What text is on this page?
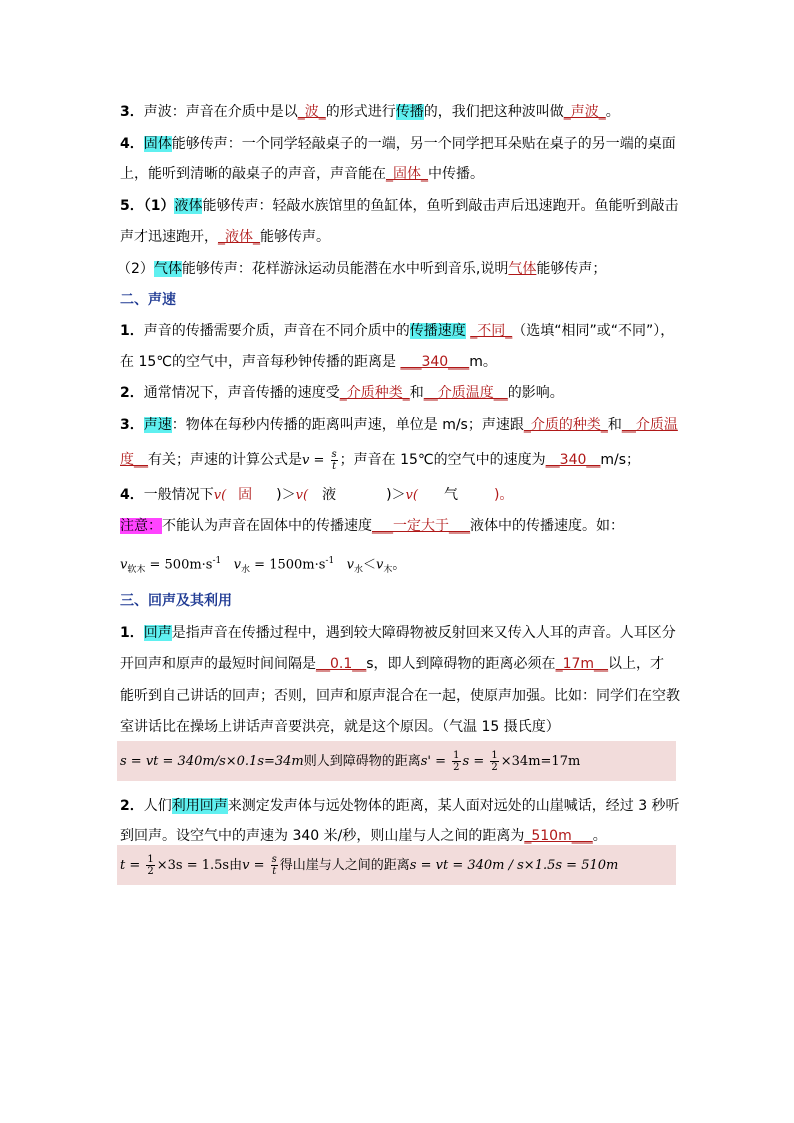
3．声波：声音在介质中是以_波_的形式进行传播的，我们把这种波叫做_声波_。
4．固体能够传声：一个同学轻敲桌子的一端，另一个同学把耳朵贴在桌子的另一端的桌面
上，能听到清晰的敲桌子的声音，声音能在_固体_中传播。
5．（1）液体能够传声：轻敲水族馆里的鱼缸体，鱼听到敲击声后迅速跑开。鱼能听到敲击
声才迅速跑开，_液体_能够传声。
（2）气体能够传声：花样游泳运动员能潜在水中听到音乐,说明气体能够传声；
二、声速
1．声音的传播需要介质，声音在不同介质中的传播速度 _不同_（选填“相同”或“不同”），
在 15℃的空气中，声音每秒钟传播的距离是 ___340___m。
2．通常情况下，声音传播的速度受_介质种类_和__介质温度__的影响。
3．声速：物体在每秒内传播的距离叫声速，单位是 m/s；声速跟_介质的种类_和__介质温
度__有关；声速的计算公式是$v = \frac{s}{t}$ ；声音在 15℃的空气中的速度为__340__m/s；
4．一般情况下v( 固 )＞v( 液	)＞v( 气	)。
注意：不能认为声音在固体中的传播速度___一定大于___液体中的传播速度。如：
$v_{软木} = 500m\cdot s^{-1}$ $v_水 = 1500m\cdot s^{-1}$ $v_水<v_木$。
三、回声及其利用
1．回声是指声音在传播过程中，遇到较大障碍物被反射回来又传入人耳的声音。人耳区分
开回声和原声的最短时间间隔是__0.1__s，即人到障碍物的距离必须在_17m__以上，才
能听到自己讲话的回声；否则，回声和原声混合在一起，使原声加强。比如：同学们在空教
室讲话比在操场上讲话声音要洪亮，就是这个原因。（气温 15 摄氏度）
s = vt = 340m/s×0.1s=34m则人到障碍物的距离$s' = \frac{1}{2}$ $s = \frac{1}{2} \times 34m=17m$
2．人们利用回声来测定发声体与远处物体的距离，某人面对远处的山崖喊话，经过 3 秒听
到回声。设空气中的声速为 340 米/秒，则山崖与人之间的距离为_510m___。
$t = \frac{1}{2} \times 3s = 1.5s$由$v = \frac{s}{t}$ 得山崖与人之间的距离s = vt = 340m / s×1.5s = 510m
